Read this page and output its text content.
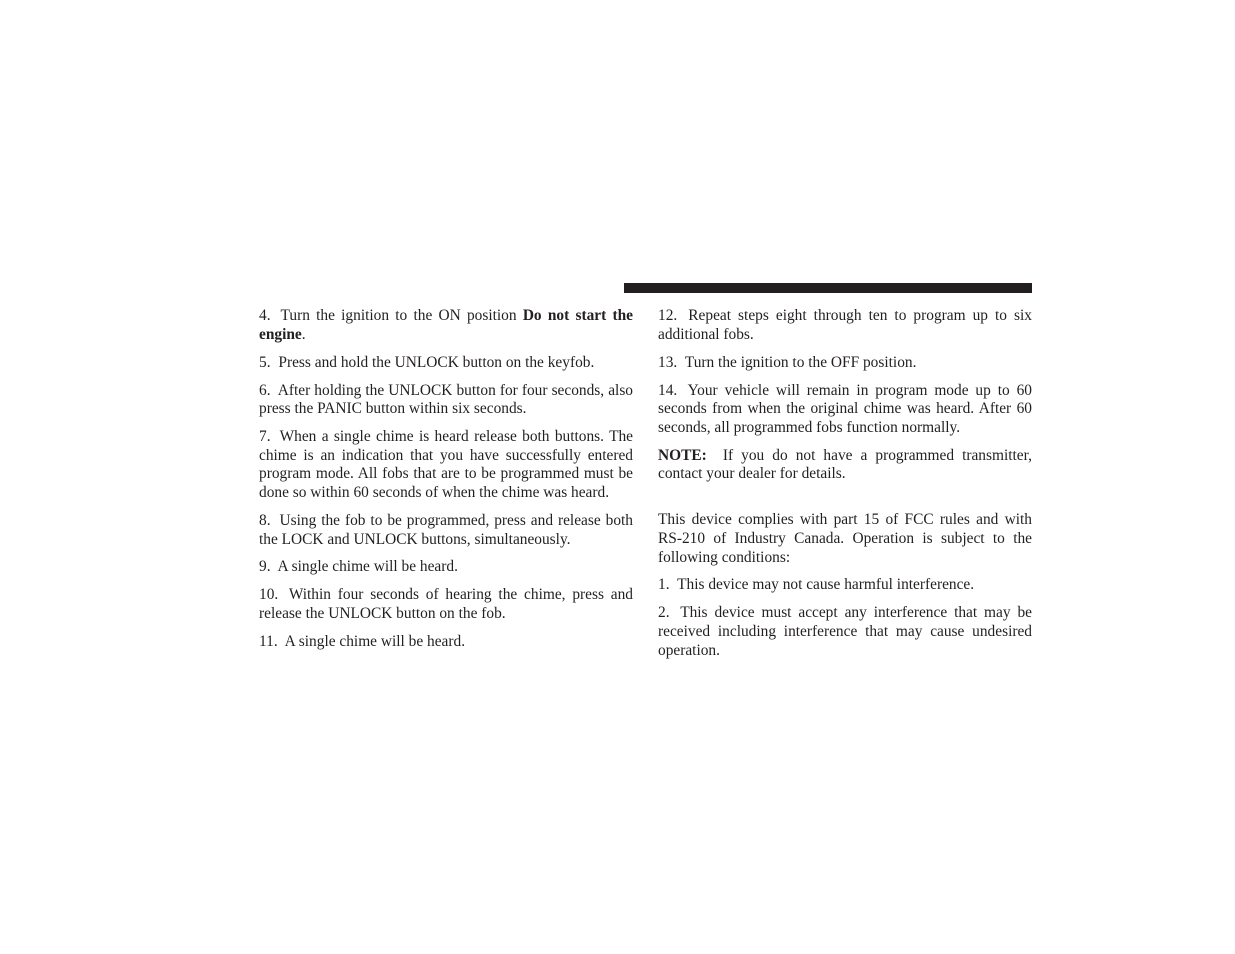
4. Turn the ignition to the ON position Do not start the engine.

5. Press and hold the UNLOCK button on the keyfob.

6. After holding the UNLOCK button for four seconds, also press the PANIC button within six seconds.

7. When a single chime is heard release both buttons. The chime is an indication that you have successfully entered program mode. All fobs that are to be programmed must be done so within 60 seconds of when the chime was heard.

8. Using the fob to be programmed, press and release both the LOCK and UNLOCK buttons, simultaneously.

9. A single chime will be heard.

10. Within four seconds of hearing the chime, press and release the UNLOCK button on the fob.

11. A single chime will be heard.

12. Repeat steps eight through ten to program up to six additional fobs.

13. Turn the ignition to the OFF position.

14. Your vehicle will remain in program mode up to 60 seconds from when the original chime was heard. After 60 seconds, all programmed fobs function normally.

NOTE: If you do not have a programmed transmitter, contact your dealer for details.

This device complies with part 15 of FCC rules and with RS-210 of Industry Canada. Operation is subject to the following conditions:

1. This device may not cause harmful interference.

2. This device must accept any interference that may be received including interference that may cause undesired operation.
